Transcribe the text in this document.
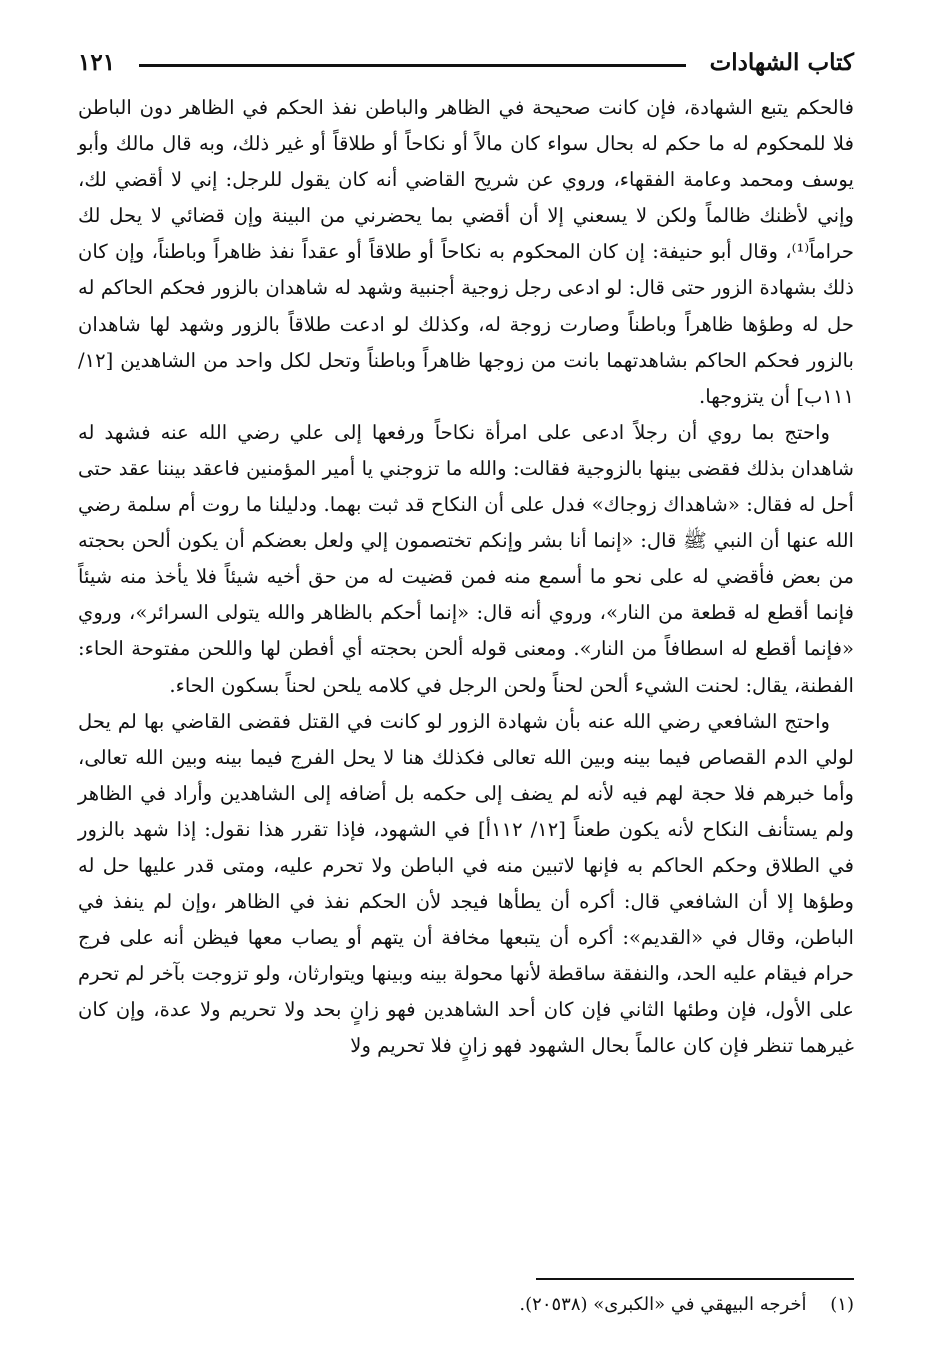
كتاب الشهادات
١٢١

فالحكم يتبع الشهادة، فإن كانت صحيحة في الظاهر والباطن نفذ الحكم في الظاهر دون الباطن فلا للمحكوم له ما حكم له بحال سواء كان مالاً أو نكاحاً أو طلاقاً أو غير ذلك، وبه قال مالك وأبو يوسف ومحمد وعامة الفقهاء، وروي عن شريح القاضي أنه كان يقول للرجل: إني لا أقضي لك، وإني لأظنك ظالماً ولكن لا يسعني إلا أن أقضي بما يحضرني من البينة وإن قضائي لا يحل لك حراماً⁽¹⁾، وقال أبو حنيفة: إن كان المحكوم به نكاحاً أو طلاقاً أو عقداً نفذ ظاهراً وباطناً، وإن كان ذلك بشهادة الزور حتى قال: لو ادعى رجل زوجية أجنبية وشهد له شاهدان بالزور فحكم الحاكم له حل له وطؤها ظاهراً وباطناً وصارت زوجة له، وكذلك لو ادعت طلاقاً بالزور وشهد لها شاهدان بالزور فحكم الحاكم بشاهدتهما بانت من زوجها ظاهراً وباطناً وتحل لكل واحد من الشاهدين [١٢/ ١١١ب] أن يتزوجها.

واحتج بما روي أن رجلاً ادعى على امرأة نكاحاً ورفعها إلى علي رضي الله عنه فشهد له شاهدان بذلك فقضى بينها بالزوجية فقالت: والله ما تزوجني يا أمير المؤمنين فاعقد بيننا عقد حتى أحل له فقال: «شاهداك زوجاك» فدل على أن النكاح قد ثبت بهما. ودليلنا ما روت أم سلمة رضي الله عنها أن النبي ﷺ قال: «إنما أنا بشر وإنكم تختصمون إلي ولعل بعضكم أن يكون ألحن بحجته من بعض فأقضي له على نحو ما أسمع منه فمن قضيت له من حق أخيه شيئاً فلا يأخذ منه شيئاً فإنما أقطع له قطعة من النار»، وروي أنه قال: «إنما أحكم بالظاهر والله يتولى السرائر»، وروي «فإنما أقطع له اسطافاً من النار». ومعنى قوله ألحن بحجته أي أفطن لها واللحن مفتوحة الحاء: الفطنة، يقال: لحنت الشيء ألحن لحناً ولحن الرجل في كلامه يلحن لحناً بسكون الحاء.

واحتج الشافعي رضي الله عنه بأن شهادة الزور لو كانت في القتل فقضى القاضي بها لم يحل لولي الدم القصاص فيما بينه وبين الله تعالى فكذلك هنا لا يحل الفرج فيما بينه وبين الله تعالى، وأما خبرهم فلا حجة لهم فيه لأنه لم يضف إلى حكمه بل أضافه إلى الشاهدين وأراد في الظاهر ولم يستأنف النكاح لأنه يكون طعناً [١٢/ ١١٢أ] في الشهود، فإذا تقرر هذا نقول: إذا شهد بالزور في الطلاق وحكم الحاكم به فإنها لاتبين منه في الباطن ولا تحرم عليه، ومتى قدر عليها حل له وطؤها إلا أن الشافعي قال: أكره أن يطأها فيجد لأن الحكم نفذ في الظاهر ،وإن لم ينفذ في الباطن، وقال في «القديم»: أكره أن يتبعها مخافة أن يتهم أو يصاب معها فيظن أنه على فرج حرام فيقام عليه الحد، والنفقة ساقطة لأنها محولة بينه وبينها ويتوارثان، ولو تزوجت بآخر لم تحرم على الأول، فإن وطئها الثاني فإن كان أحد الشاهدين فهو زانٍ بحد ولا تحريم ولا عدة، وإن كان غيرهما تنظر فإن كان عالماً بحال الشهود فهو زانٍ فلا تحريم ولا

(١) أخرجه البيهقي في «الكبرى» (٢٠٥٣٨).
